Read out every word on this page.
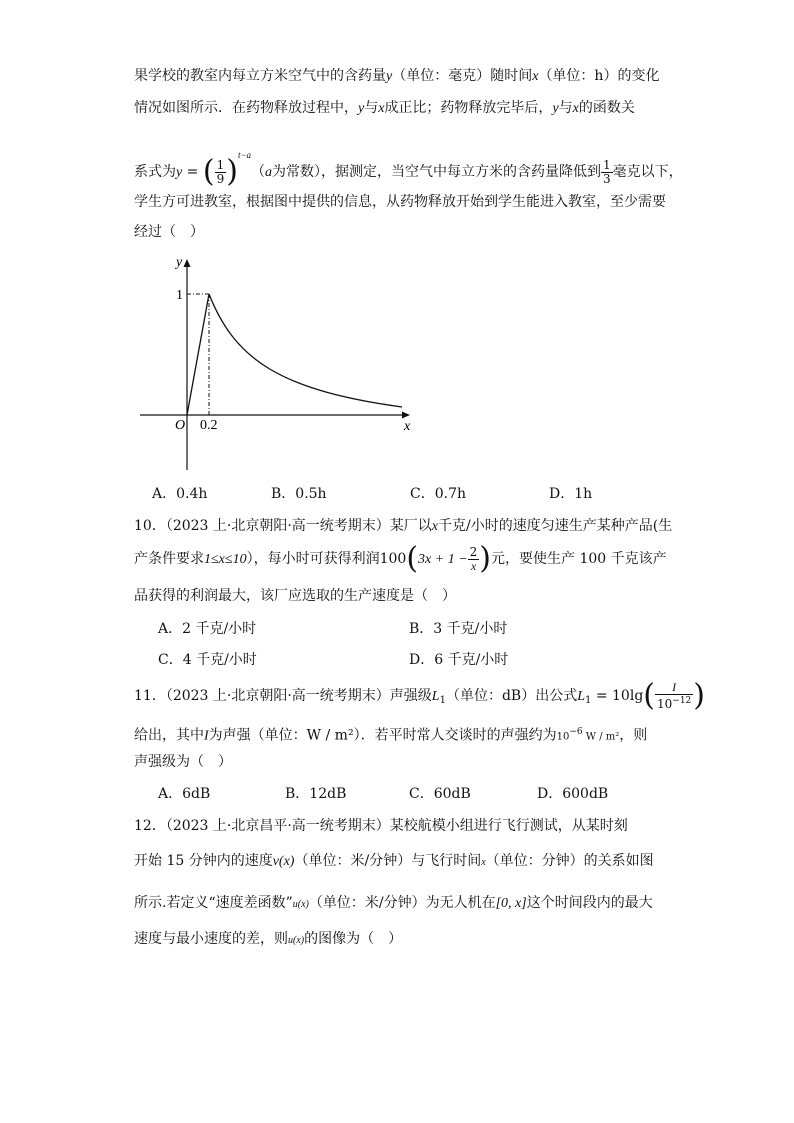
果学校的教室内每立方米空气中的含药量y（单位：毫克）随时间x（单位：h）的变化
情况如图所示．在药物释放过程中，y与x成正比；药物释放完毕后，y与x的函数关
系式为y = ( $\frac{1}{9} )^{t-a}(a$为常数），据测定，当空气中每立方米的含药量降低到 $\frac{1}{3}$ 毫克以下，
学生方可进教室，根据图中提供的信息，从药物释放开始到学生能进入教室，至少需要
经过（　）
y
x
O
1
0.2
A．0.4h	B．0.5h	C．0.7h	D．1h
10．（2023 上·北京朝阳·高一统考期末）某厂以x千克/小时的速度匀速生产某种产品(生
产条件要求1≤x≤10），每小时可获得利润$100(3x + 1 - \frac{2}{x}$ )元，要使生产 100 千克该产
品获得的利润最大，该厂应选取的生产速度是（　）
A．2 千克/小时	B．3 千克/小时
C．4 千克/小时	D．6 千克/小时
11．（2023 上·北京朝阳·高一统考期末）声强级$L_1$（单位：dB）出公式$L_1 = 10\lg( \frac{I}{10^{-12}}$ )
给出，其中I为声强（单位：W / m²）．若平时常人交谈时的声强约为$10^{-6}$ W / m²，则
声强级为（　）
A．6dB	B．12dB	C．60dB	D．600dB
12．（2023 上·北京昌平·高一统考期末）某校航模小组进行飞行测试，从某时刻
开始 15 分钟内的速度v(x)（单位：米/分钟）与飞行时间x（单位：分钟）的关系如图
所示.若定义“速度差函数”u(x)（单位：米/分钟）为无人机在[0, x]这个时间段内的最大
速度与最小速度的差，则u(x)的图像为（　）
